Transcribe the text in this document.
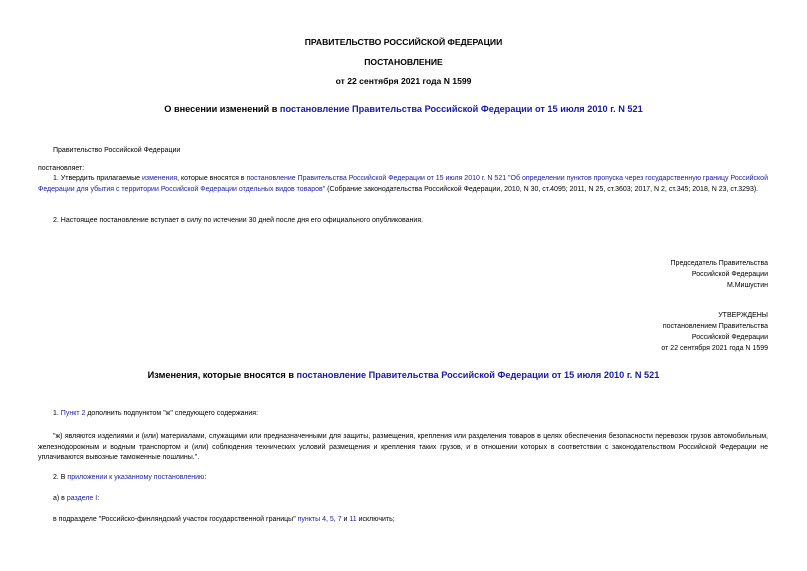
ПРАВИТЕЛЬСТВО РОССИЙСКОЙ ФЕДЕРАЦИИ
ПОСТАНОВЛЕНИЕ
от 22 сентября 2021 года N 1599
О внесении изменений в постановление Правительства Российской Федерации от 15 июля 2010 г. N 521
Правительство Российской Федерации
постановляет:
1. Утвердить прилагаемые изменения, которые вносятся в постановление Правительства Российской Федерации от 15 июля 2010 г. N 521 "Об определении пунктов пропуска через государственную границу Российской Федерации для убытия с территории Российской Федерации отдельных видов товаров" (Собрание законодательства Российской Федерации, 2010, N 30, ст.4095; 2011, N 25, ст.3603; 2017, N 2, ст.345; 2018, N 23, ст.3293).
2. Настоящее постановление вступает в силу по истечении 30 дней после дня его официального опубликования.
Председатель Правительства
Российской Федерации
М.Мишустин
УТВЕРЖДЕНЫ
постановлением Правительства
Российской Федерации
от 22 сентября 2021 года N 1599
Изменения, которые вносятся в постановление Правительства Российской Федерации от 15 июля 2010 г. N 521
1. Пункт 2 дополнить подпунктом "ж" следующего содержания:
"ж) являются изделиями и (или) материалами, служащими или предназначенными для защиты, размещения, крепления или разделения товаров в целях обеспечения безопасности перевозок грузов автомобильным, железнодорожным и водным транспортом и (или) соблюдения технических условий размещения и крепления таких грузов, и в отношении которых в соответствии с законодательством Российской Федерации не уплачиваются вывозные таможенные пошлины.".
2. В приложении к указанному постановлению:
а) в разделе I:
в подразделе "Российско-финляндский участок государственной границы" пункты 4, 5, 7 и 11 исключить;
